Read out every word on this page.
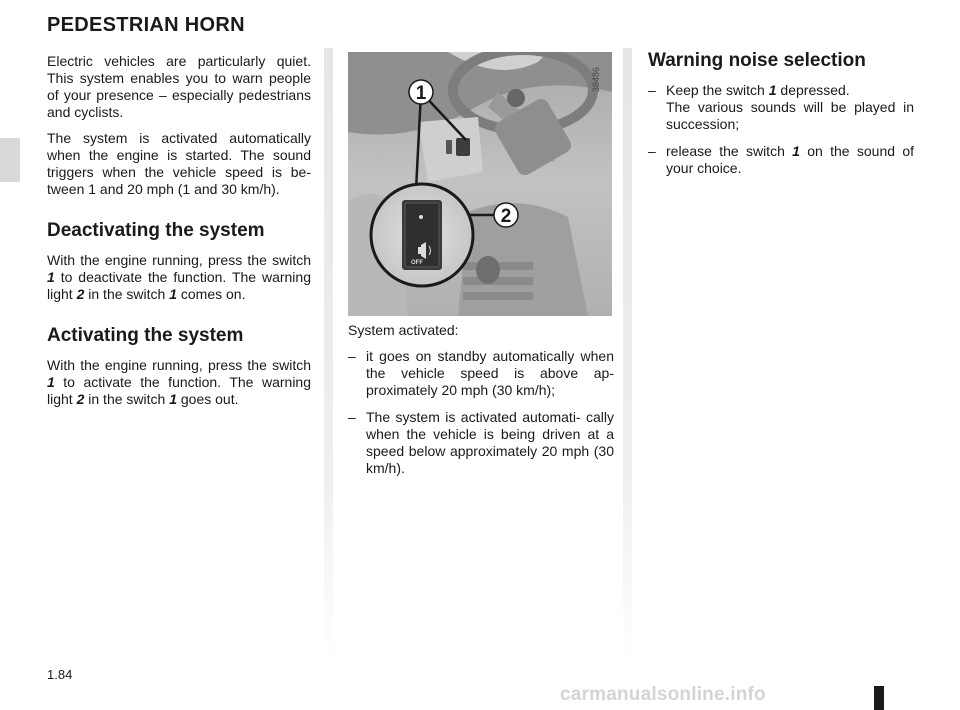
PEDESTRIAN HORN

Electric vehicles are particularly quiet. This system enables you to warn people of your presence – especially pedestrians and cyclists.

The system is activated automatically when the engine is started. The sound triggers when the vehicle speed is be- tween 1 and 20 mph (1 and 30 km/h).

Deactivating the system

With the engine running, press the switch 1 to deactivate the function. The warning light 2 in the switch 1 comes on.

Activating the system

With the engine running, press the switch 1 to activate the function. The warning light 2 in the switch 1 goes out.

OFF
1
2
38486

System activated:

– it goes on standby automatically when the vehicle speed is above ap- proximately 20 mph (30 km/h);
– The system is activated automati- cally when the vehicle is being driven at a speed below approximately 20 mph (30 km/h).
Warning noise selection
– Keep the switch 1 depressed.
The various sounds will be played in succession;
– release the switch 1 on the sound of your choice.
1.84
carmanualsonline.info
